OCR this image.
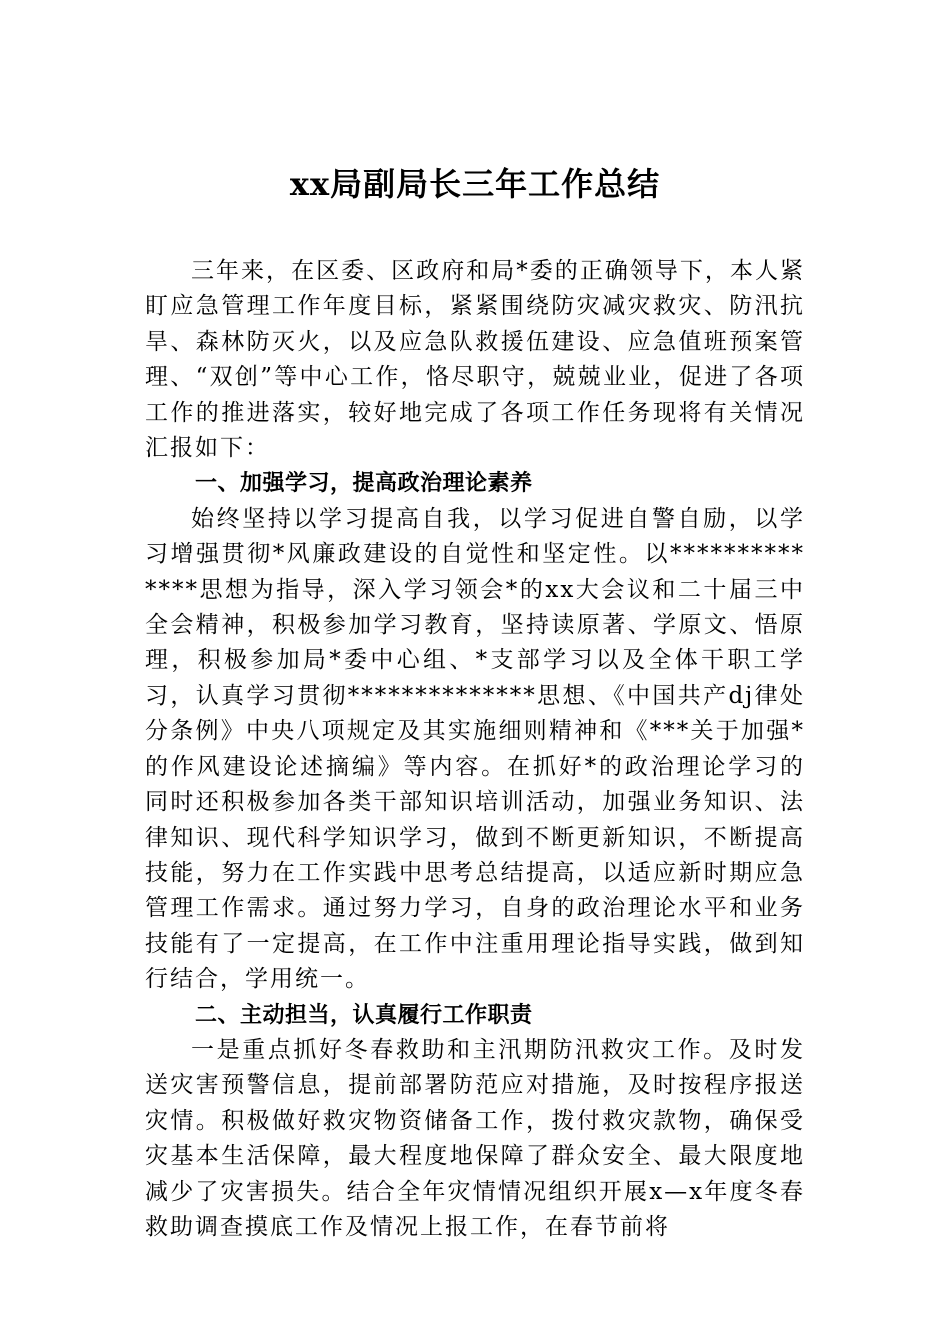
xx局副局长三年工作总结

三年来，在区委、区政府和局*委的正确领导下，本人紧盯应急管理工作年度目标，紧紧围绕防灾减灾救灾、防汛抗旱、森林防灭火，以及应急队救援伍建设、应急值班预案管理、“双创”等中心工作，恪尽职守，兢兢业业，促进了各项工作的推进落实，较好地完成了各项工作任务现将有关情况汇报如下：

一、加强学习，提高政治理论素养

始终坚持以学习提高自我，以学习促进自警自励，以学习增强贯彻*风廉政建设的自觉性和坚定性。以**************思想为指导，深入学习领会*的xx大会议和二十届三中全会精神，积极参加学习教育，坚持读原著、学原文、悟原理，积极参加局*委中心组、*支部学习以及全体干职工学习，认真学习贯彻**************思想、《中国共产dj律处分条例》中央八项规定及其实施细则精神和《***关于加强*的作风建设论述摘编》等内容。在抓好*的政治理论学习的同时还积极参加各类干部知识培训活动，加强业务知识、法律知识、现代科学知识学习，做到不断更新知识，不断提高技能，努力在工作实践中思考总结提高，以适应新时期应急管理工作需求。通过努力学习，自身的政治理论水平和业务技能有了一定提高，在工作中注重用理论指导实践，做到知行结合，学用统一。

二、主动担当，认真履行工作职责

一是重点抓好冬春救助和主汛期防汛救灾工作。及时发送灾害预警信息，提前部署防范应对措施，及时按程序报送灾情。积极做好救灾物资储备工作，拨付救灾款物，确保受灾基本生活保障，最大程度地保障了群众安全、最大限度地减少了灾害损失。结合全年灾情情况组织开展x—x年度冬春救助调查摸底工作及情况上报工作，在春节前将
